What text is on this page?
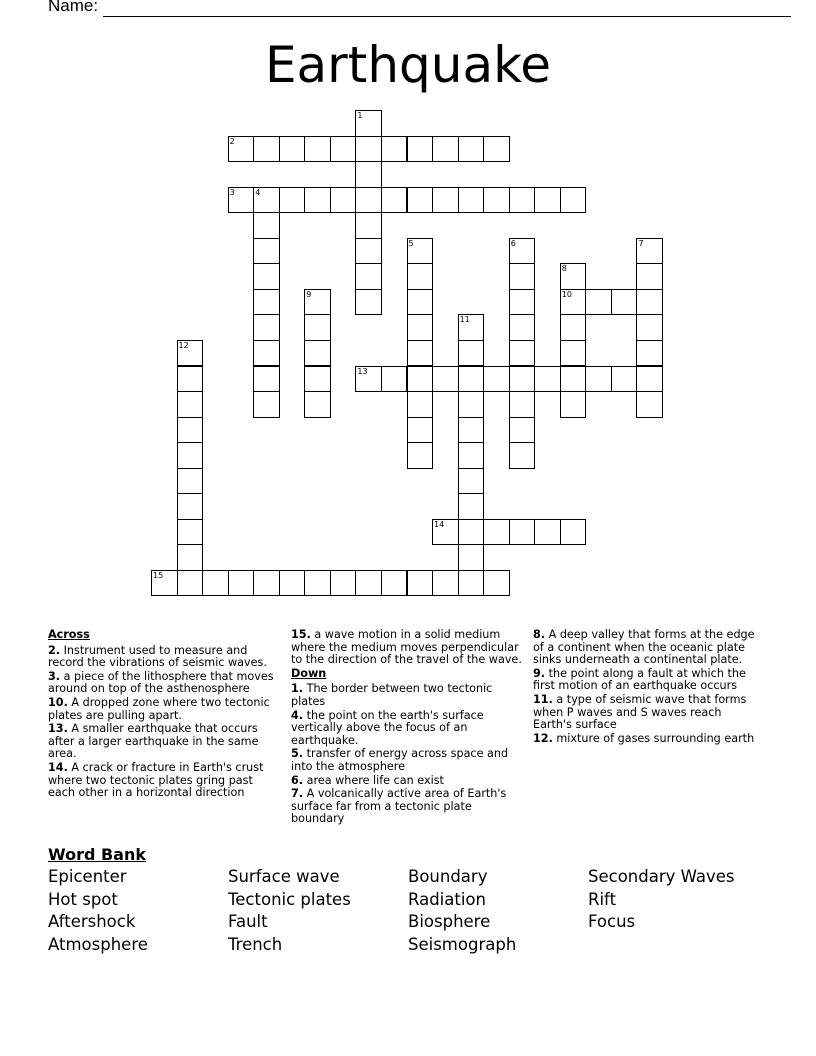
Name:
Earthquake
1
2
3	4
5	6	7
8
10
9
11
12
13
14
15
Across
2. Instrument used to measure and record the vibrations of seismic waves.
3. a piece of the lithosphere that moves around on top of the asthenosphere
10. A dropped zone where two tectonic plates are pulling apart.
13. A smaller earthquake that occurs after a larger earthquake in the same area.
14. A crack or fracture in Earth's crust where two tectonic plates gring past each other in a horizontal direction
15. a wave motion in a solid medium where the medium moves perpendicular to the direction of the travel of the wave.
Down
1. The border between two tectonic plates
4. the point on the earth's surface vertically above the focus of an earthquake.
5. transfer of energy across space and into the atmosphere
6. area where life can exist
7. A volcanically active area of Earth's surface far from a tectonic plate boundary
8. A deep valley that forms at the edge of a continent when the oceanic plate sinks underneath a continental plate.
9. the point along a fault at which the first motion of an earthquake occurs
11. a type of seismic wave that forms when P waves and S waves reach Earth's surface
12. mixture of gases surrounding earth
Word Bank
Epicenter	Surface wave	Boundary	Secondary Waves
Hot spot	Tectonic plates	Radiation	Rift
Aftershock	Fault	Biosphere	Focus
Atmosphere	Trench	Seismograph
